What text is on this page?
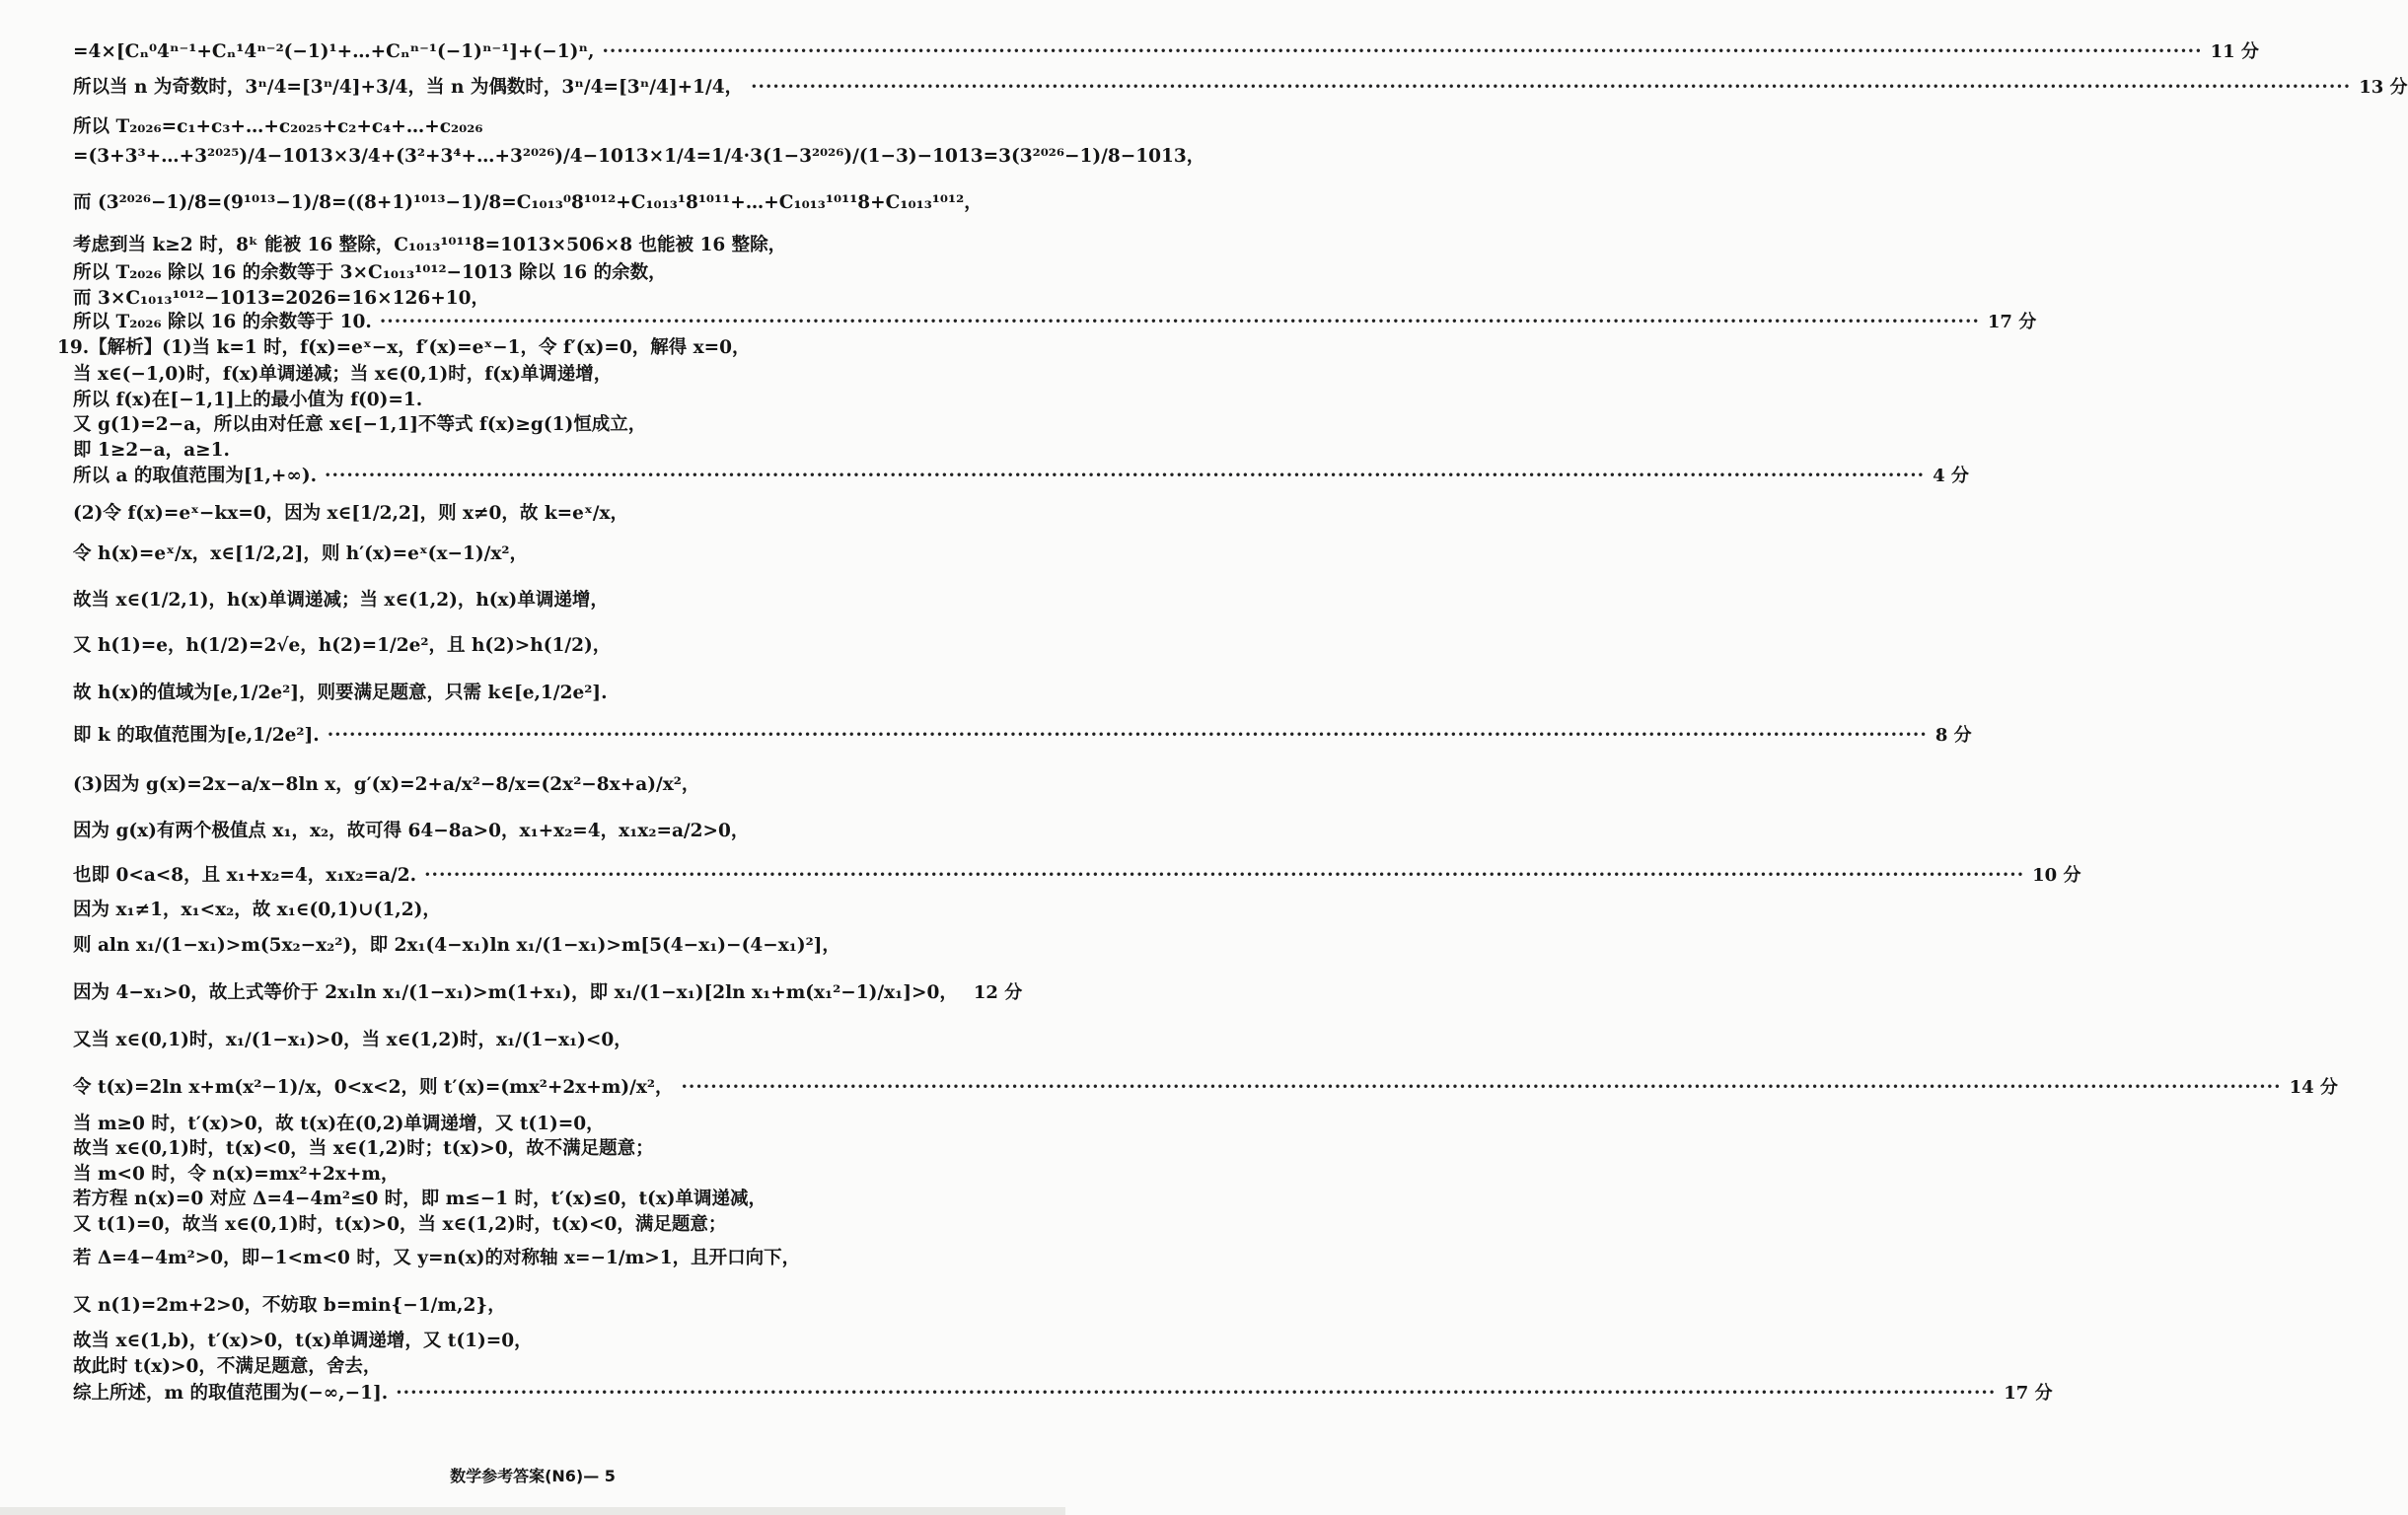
=4×[Cₙ⁰4ⁿ⁻¹+Cₙ¹4ⁿ⁻²(−1)¹+…+Cₙⁿ⁻¹(−1)ⁿ⁻¹]+(−1)ⁿ, ·····	11 分
所以当 n 为奇数时，3ⁿ/4=[3ⁿ/4]+3/4，当 n 为偶数时，3ⁿ/4=[3ⁿ/4]+1/4， ·····	13 分
所以 T₂₀₂₆=c₁+c₃+…+c₂₀₂₅+c₂+c₄+…+c₂₀₂₆
=(3+3³+…+3²⁰²⁵)/4−1013×3/4+(3²+3⁴+…+3²⁰²⁶)/4−1013×1/4=1/4·3(1−3²⁰²⁶)/(1−3)−1013=3(3²⁰²⁶−1)/8−1013，
而 (3²⁰²⁶−1)/8=(9¹⁰¹³−1)/8=((8+1)¹⁰¹³−1)/8=C₁₀₁₃⁰8¹⁰¹²+C₁₀₁₃¹8¹⁰¹¹+…+C₁₀₁₃¹⁰¹¹8+C₁₀₁₃¹⁰¹²，
考虑到当 k≥2 时，8ᵏ 能被 16 整除，C₁₀₁₃¹⁰¹¹8=1013×506×8 也能被 16 整除，
所以 T₂₀₂₆ 除以 16 的余数等于 3×C₁₀₁₃¹⁰¹²−1013 除以 16 的余数，
而 3×C₁₀₁₃¹⁰¹²−1013=2026=16×126+10，
所以 T₂₀₂₆ 除以 16 的余数等于 10. ·····	17 分
19.【解析】(1)当 k=1 时，f(x)=eˣ−x，f′(x)=eˣ−1，令 f′(x)=0，解得 x=0，
当 x∈(−1,0)时，f(x)单调递减；当 x∈(0,1)时，f(x)单调递增，
所以 f(x)在[−1,1]上的最小值为 f(0)=1.
又 g(1)=2−a，所以由对任意 x∈[−1,1]不等式 f(x)≥g(1)恒成立，
即 1≥2−a，a≥1.
所以 a 的取值范围为[1,+∞). ·····	4 分
(2)令 f(x)=eˣ−kx=0，因为 x∈[1/2,2]，则 x≠0，故 k=eˣ/x，
令 h(x)=eˣ/x，x∈[1/2,2]，则 h′(x)=eˣ(x−1)/x²，
故当 x∈(1/2,1)，h(x)单调递减；当 x∈(1,2)，h(x)单调递增，
又 h(1)=e，h(1/2)=2√e，h(2)=1/2e²，且 h(2)>h(1/2)，
故 h(x)的值域为[e,1/2e²]，则要满足题意，只需 k∈[e,1/2e²].
即 k 的取值范围为[e,1/2e²]. ·····	8 分
(3)因为 g(x)=2x−a/x−8ln x，g′(x)=2+a/x²−8/x=(2x²−8x+a)/x²，
因为 g(x)有两个极值点 x₁，x₂，故可得 64−8a>0，x₁+x₂=4，x₁x₂=a/2>0，
也即 0<a<8，且 x₁+x₂=4，x₁x₂=a/2. ·····	10 分
因为 x₁≠1，x₁<x₂，故 x₁∈(0,1)∪(1,2)，
则 aln x₁/(1−x₁)>m(5x₂−x₂²)，即 2x₁(4−x₁)ln x₁/(1−x₁)>m[5(4−x₁)−(4−x₁)²]，
因为 4−x₁>0，故上式等价于 2x₁ln x₁/(1−x₁)>m(1+x₁)，即 x₁/(1−x₁)[2ln x₁+m(x₁²−1)/x₁]>0， 12 分
又当 x∈(0,1)时，x₁/(1−x₁)>0，当 x∈(1,2)时，x₁/(1−x₁)<0，
令 t(x)=2ln x+m(x²−1)/x，0<x<2，则 t′(x)=(mx²+2x+m)/x²， ·····	14 分
当 m≥0 时，t′(x)>0，故 t(x)在(0,2)单调递增，又 t(1)=0，
故当 x∈(0,1)时，t(x)<0，当 x∈(1,2)时；t(x)>0，故不满足题意；
当 m<0 时，令 n(x)=mx²+2x+m，
若方程 n(x)=0 对应 Δ=4−4m²≤0 时，即 m≤−1 时，t′(x)≤0，t(x)单调递减，
又 t(1)=0，故当 x∈(0,1)时，t(x)>0，当 x∈(1,2)时，t(x)<0，满足题意；
若 Δ=4−4m²>0，即−1<m<0 时，又 y=n(x)的对称轴 x=−1/m>1，且开口向下，
又 n(1)=2m+2>0，不妨取 b=min{−1/m,2}，
故当 x∈(1,b)，t′(x)>0，t(x)单调递增，又 t(1)=0，
故此时 t(x)>0，不满足题意，舍去，
综上所述，m 的取值范围为(−∞,−1]. ·····	17 分
数学参考答案(N6)— 5
